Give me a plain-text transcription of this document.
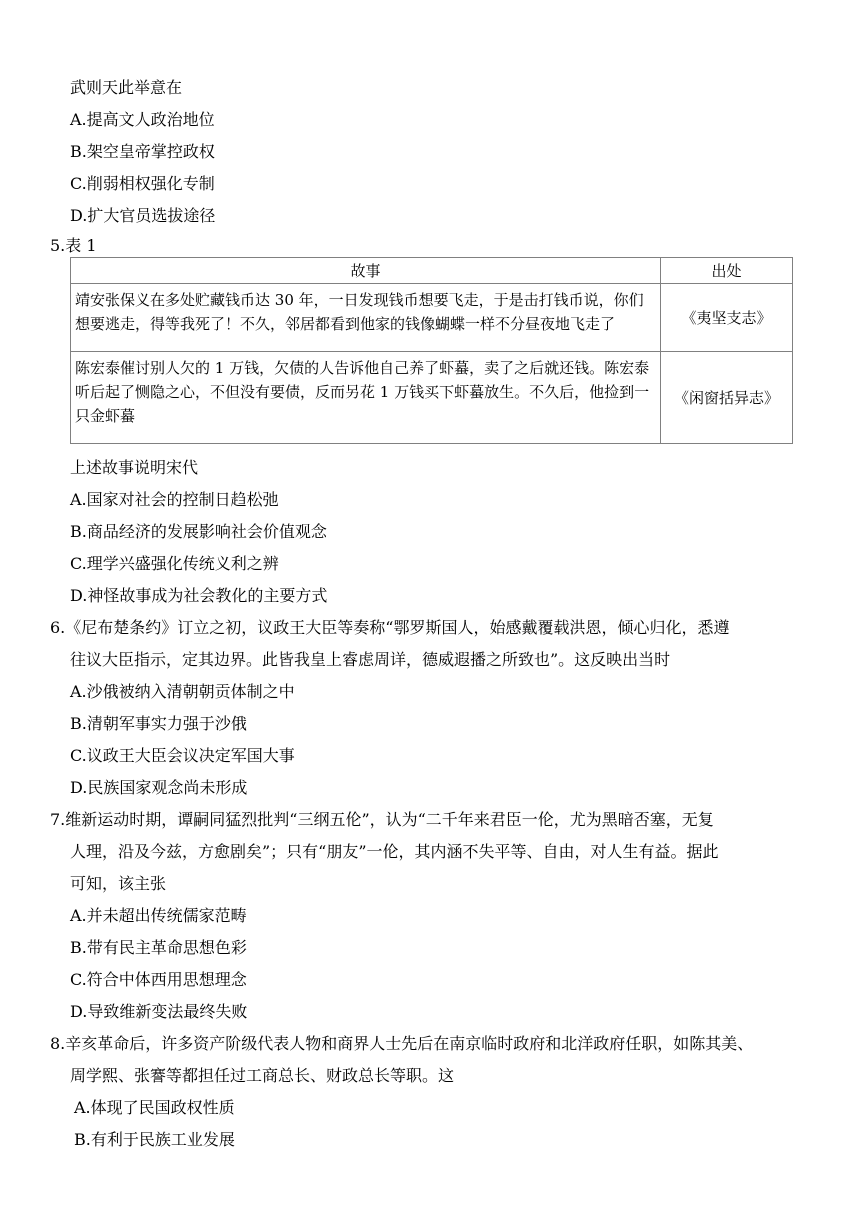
武则天此举意在
A.提高文人政治地位
B.架空皇帝掌控政权
C.削弱相权强化专制
D.扩大官员选拔途径
5.表 1
故事	出处
靖安张保义在多处贮藏钱币达 30 年，一日发现钱币想要飞走，于是击打钱币说，你们想要逃走，得等我死了！不久，邻居都看到他家的钱像蝴蝶一样不分昼夜地飞走了	《夷坚支志》
陈宏泰催讨别人欠的 1 万钱，欠债的人告诉他自己养了虾蟇，卖了之后就还钱。陈宏泰听后起了恻隐之心，不但没有要债，反而另花 1 万钱买下虾蟇放生。不久后，他捡到一只金虾蟇	《闲窗括异志》
上述故事说明宋代
A.国家对社会的控制日趋松弛
B.商品经济的发展影响社会价值观念
C.理学兴盛强化传统义利之辨
D.神怪故事成为社会教化的主要方式
6.《尼布楚条约》订立之初，议政王大臣等奏称“鄂罗斯国人，始感戴覆载洪恩，倾心归化，悉遵
往议大臣指示，定其边界。此皆我皇上睿虑周详，德威遐播之所致也”。这反映出当时
A.沙俄被纳入清朝朝贡体制之中
B.清朝军事实力强于沙俄
C.议政王大臣会议决定军国大事
D.民族国家观念尚未形成
7.维新运动时期，谭嗣同猛烈批判“三纲五伦”，认为“二千年来君臣一伦，尤为黑暗否塞，无复
人理，沿及今兹，方愈剧矣”；只有“朋友”一伦，其内涵不失平等、自由，对人生有益。据此
可知，该主张
A.并未超出传统儒家范畴
B.带有民主革命思想色彩
C.符合中体西用思想理念
D.导致维新变法最终失败
8.辛亥革命后，许多资产阶级代表人物和商界人士先后在南京临时政府和北洋政府任职，如陈其美、
周学熙、张謇等都担任过工商总长、财政总长等职。这
A.体现了民国政权性质
B.有利于民族工业发展
